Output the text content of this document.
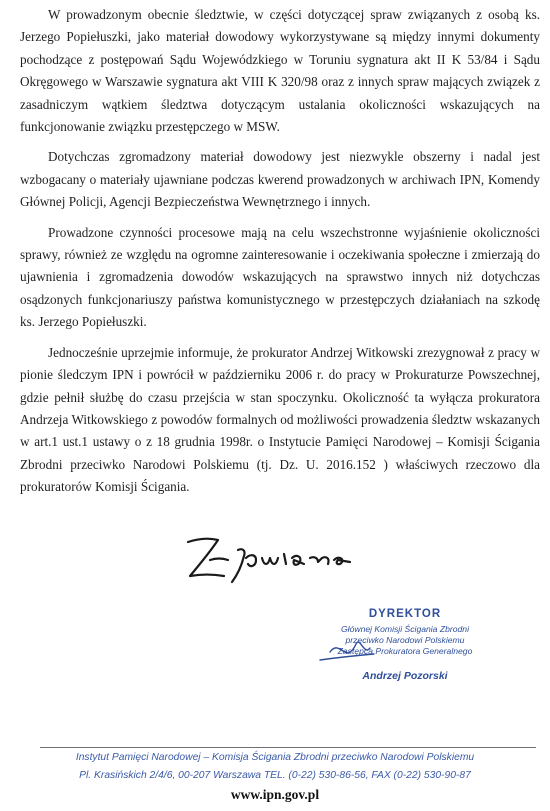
W prowadzonym obecnie śledztwie, w części dotyczącej spraw związanych z osobą ks. Jerzego Popiełuszki, jako materiał dowodowy wykorzystywane są między innymi dokumenty pochodzące z postępowań Sądu Wojewódzkiego w Toruniu sygnatura akt II K 53/84 i Sądu Okręgowego w Warszawie sygnatura akt VIII K 320/98 oraz z innych spraw mających związek z zasadniczym wątkiem śledztwa dotyczącym ustalania okoliczności wskazujących na funkcjonowanie związku przestępczego w MSW.

Dotychczas zgromadzony materiał dowodowy jest niezwykle obszerny i nadal jest wzbogacany o materiały ujawniane podczas kwerend prowadzonych w archiwach IPN, Komendy Głównej Policji, Agencji Bezpieczeństwa Wewnętrznego i innych.

Prowadzone czynności procesowe mają na celu wszechstronne wyjaśnienie okoliczności sprawy, również ze względu na ogromne zainteresowanie i oczekiwania społeczne i zmierzają do ujawnienia i zgromadzenia dowodów wskazujących na sprawstwo innych niż dotychczas osądzonych funkcjonariuszy państwa komunistycznego w przestępczych działaniach na szkodę ks. Jerzego Popiełuszki.

Jednocześnie uprzejmie informuje, że prokurator Andrzej Witkowski zrezygnował z pracy w pionie śledczym IPN i powrócił w październiku 2006 r. do pracy w Prokuraturze Powszechnej, gdzie pełnił służbę do czasu przejścia w stan spoczynku. Okoliczność ta wyłącza prokuratora Andrzeja Witkowskiego z powodów formalnych od możliwości prowadzenia śledztw wskazanych w art.1 ust.1 ustawy o z 18 grudnia 1998r. o Instytucie Pamięci Narodowej – Komisji Ścigania Zbrodni przeciwko Narodowi Polskiemu (tj. Dz. U. 2016.152 ) właściwych rzeczowo dla prokuratorów Komisji Ścigania.

DYREKTOR
Głównej Komisji Ścigania Zbrodni
przeciwko Narodowi Polskiemu
Zastępca Prokuratora Generalnego
Andrzej Pozorski
Instytut Pamięci Narodowej – Komisja Ścigania Zbrodni przeciwko Narodowi Polskiemu
Pl. Krasińskich 2/4/6, 00-207 Warszawa TEL. (0-22) 530-86-56, FAX (0-22) 530-90-87
www.ipn.gov.pl
